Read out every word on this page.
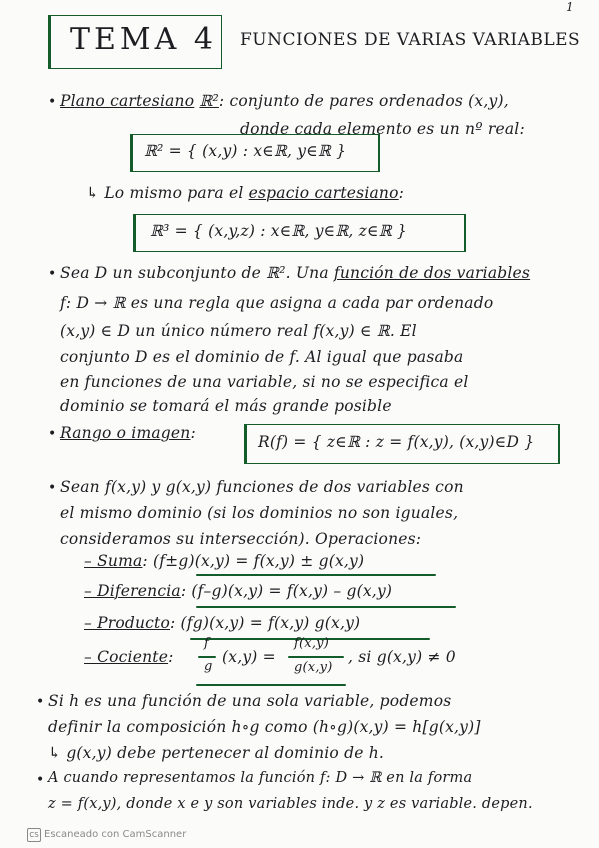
1
TEMA 4 FUNCIONES DE VARIAS VARIABLES
• Plano cartesiano ℝ²: conjunto de pares ordenados (x,y),
donde cada elemento es un nº real:
ℝ² = { (x,y) : x∈ℝ, y∈ℝ }
↳ Lo mismo para el espacio cartesiano:
ℝ³ = { (x,y,z) : x∈ℝ, y∈ℝ, z∈ℝ }
• Sea D un subconjunto de ℝ². Una función de dos variables
f: D → ℝ es una regla que asigna a cada par ordenado
(x,y) ∈ D un único número real f(x,y) ∈ ℝ. El
conjunto D es el dominio de f. Al igual que pasaba
en funciones de una variable, si no se especifica el
dominio se tomará el más grande posible
• Rango o imagen:	R(f) = { z∈ℝ : z = f(x,y), (x,y)∈D }
• Sean f(x,y) y g(x,y) funciones de dos variables con
el mismo dominio (si los dominios no son iguales,
consideramos su intersección). Operaciones:
– Suma: (f±g)(x,y) = f(x,y) ± g(x,y)
– Diferencia: (f–g)(x,y) = f(x,y) – g(x,y)
– Producto: (fg)(x,y) = f(x,y) g(x,y)
– Cociente:
f
g
(x,y) =
f(x,y)
g(x,y)
, si g(x,y) ≠ 0
• Si h es una función de una sola variable, podemos
definir la composición h∘g como (h∘g)(x,y) = h[g(x,y)]
↳ g(x,y) debe pertenecer al dominio de h.
• A cuando representamos la función f: D → ℝ en la forma
z = f(x,y), donde x e y son variables inde. y z es variable. depen.
CS Escaneado con CamScanner
